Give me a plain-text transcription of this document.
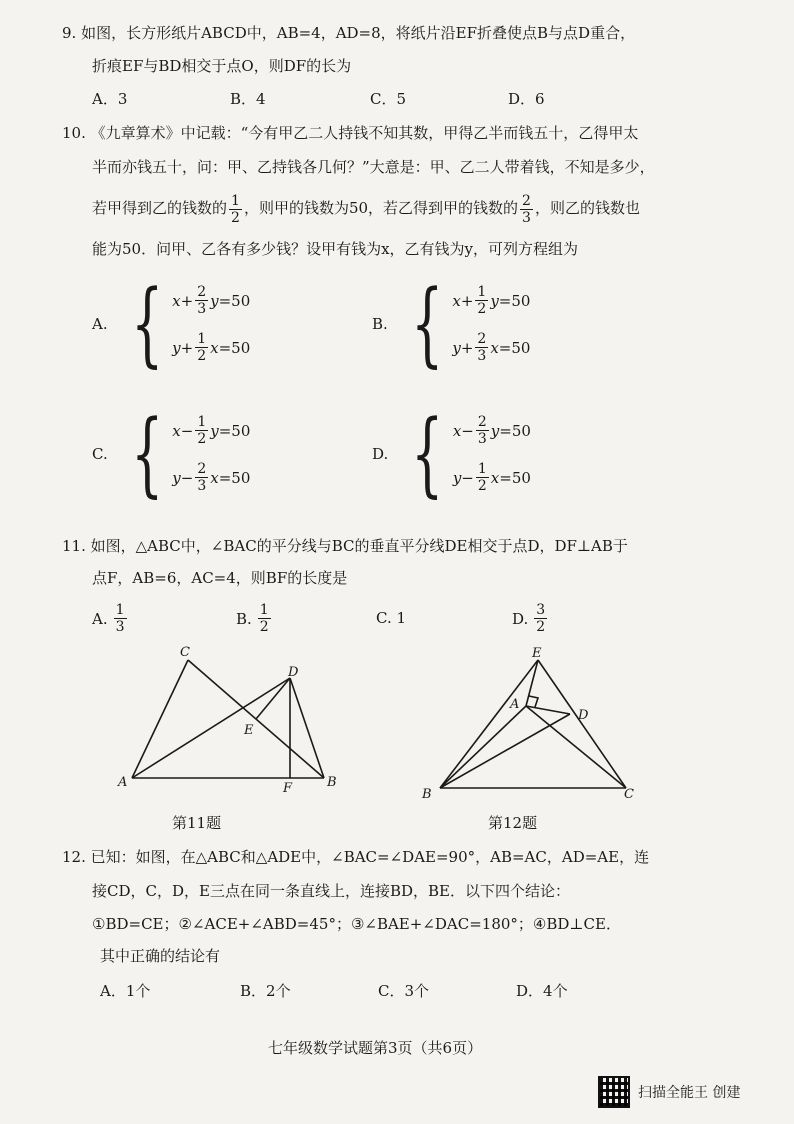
9. 如图，长方形纸片ABCD中，AB=4，AD=8，将纸片沿EF折叠使点B与点D重合，
折痕EF与BD相交于点O，则DF的长为
A．3	B．4	C．5	D．6
10. 《九章算术》中记载：“今有甲乙二人持钱不知其数，甲得乙半而钱五十，乙得甲太
半而亦钱五十，问：甲、乙持钱各几何？”大意是：甲、乙二人带着钱，不知是多少，
若甲得到乙的钱数的 $\frac{1}{2}$ ，则甲的钱数为50，若乙得到甲的钱数的 $\frac{2}{3}$ ，则乙的钱数也
能为50．问甲、乙各有多少钱？设甲有钱为x，乙有钱为y，可列方程组为
A. { $x + \frac{2}{3}$ y =50
$y + \frac{1}{2}$ x =50
B. { $x + \frac{1}{2}$ y =50
$y + \frac{2}{3}$ x =50
C. { $x - \frac{1}{2}$ y =50
$y - \frac{2}{3}$ x =50
D. { $x - \frac{2}{3}$ y =50
$y - \frac{1}{2}$ x =50
11. 如图，△ABC中，∠BAC的平分线与BC的垂直平分线DE相交于点D，DF⊥AB于
点F，AB=6，AC=4，则BF的长度是
A. $\frac{1}{3}$	B. $\frac{1}{2}$	C. 1	D. $\frac{3}{2}$
A	B
C
D
E
F
第11题
E
A
D
B	C
第12题
12. 已知：如图，在△ABC和△ADE中，∠BAC=∠DAE=90°，AB=AC，AD=AE，连
接CD，C，D，E三点在同一条直线上，连接BD，BE．以下四个结论：
①BD=CE；②∠ACE+∠ABD=45°；③∠BAE+∠DAC=180°；④BD⊥CE．
其中正确的结论有
A．1个	B．2个	C．3个	D．4个
七年级数学试题第3页（共6页）
扫描全能王 创建
